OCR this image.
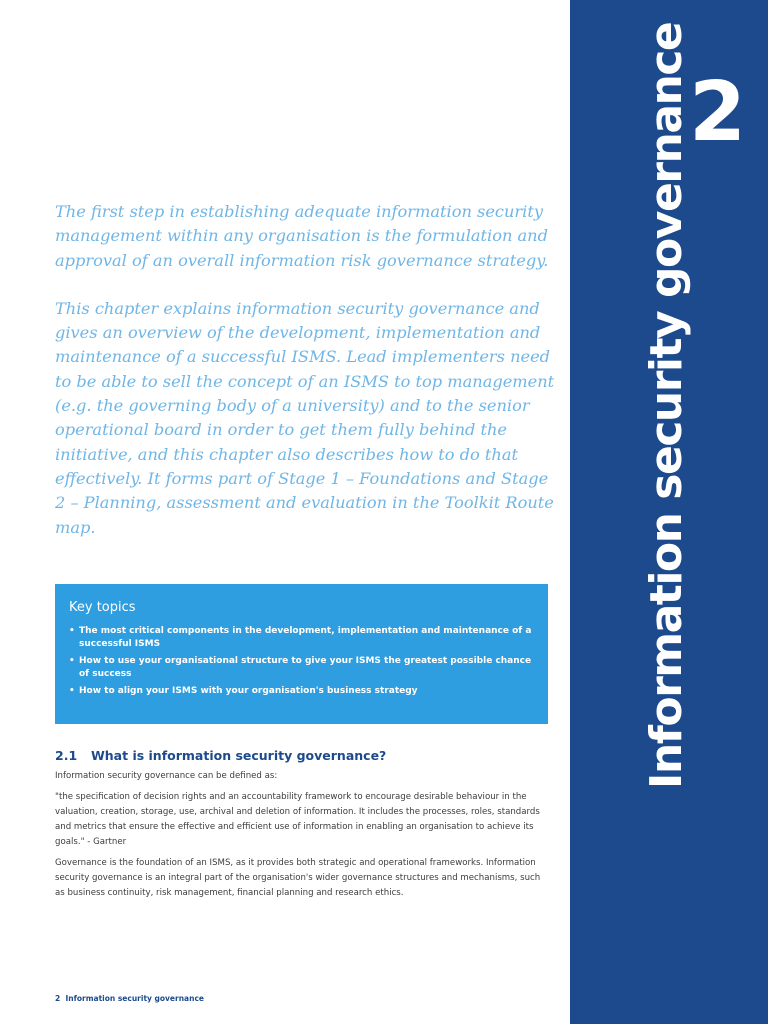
2
Information security governance

The first step in establishing adequate information security management within any organisation is the formulation and approval of an overall information risk governance strategy.

This chapter explains information security governance and gives an overview of the development, implementation and maintenance of a successful ISMS. Lead implementers need to be able to sell the concept of an ISMS to top management (e.g. the governing body of a university) and to the senior operational board in order to get them fully behind the initiative, and this chapter also describes how to do that effectively. It forms part of Stage 1 – Foundations and Stage 2 – Planning, assessment and evaluation in the Toolkit Route map.

Key topics
• The most critical components in the development, implementation and maintenance of a successful ISMS
• How to use your organisational structure to give your ISMS the greatest possible chance of success
• How to align your ISMS with your organisation's business strategy
2.1 What is information security governance?

Information security governance can be defined as:

"the specification of decision rights and an accountability framework to encourage desirable behaviour in the valuation, creation, storage, use, archival and deletion of information. It includes the processes, roles, standards and metrics that ensure the effective and efficient use of information in enabling an organisation to achieve its goals." - Gartner

Governance is the foundation of an ISMS, as it provides both strategic and operational frameworks. Information security governance is an integral part of the organisation's wider governance structures and mechanisms, such as business continuity, risk management, financial planning and research ethics.

2 Information security governance
